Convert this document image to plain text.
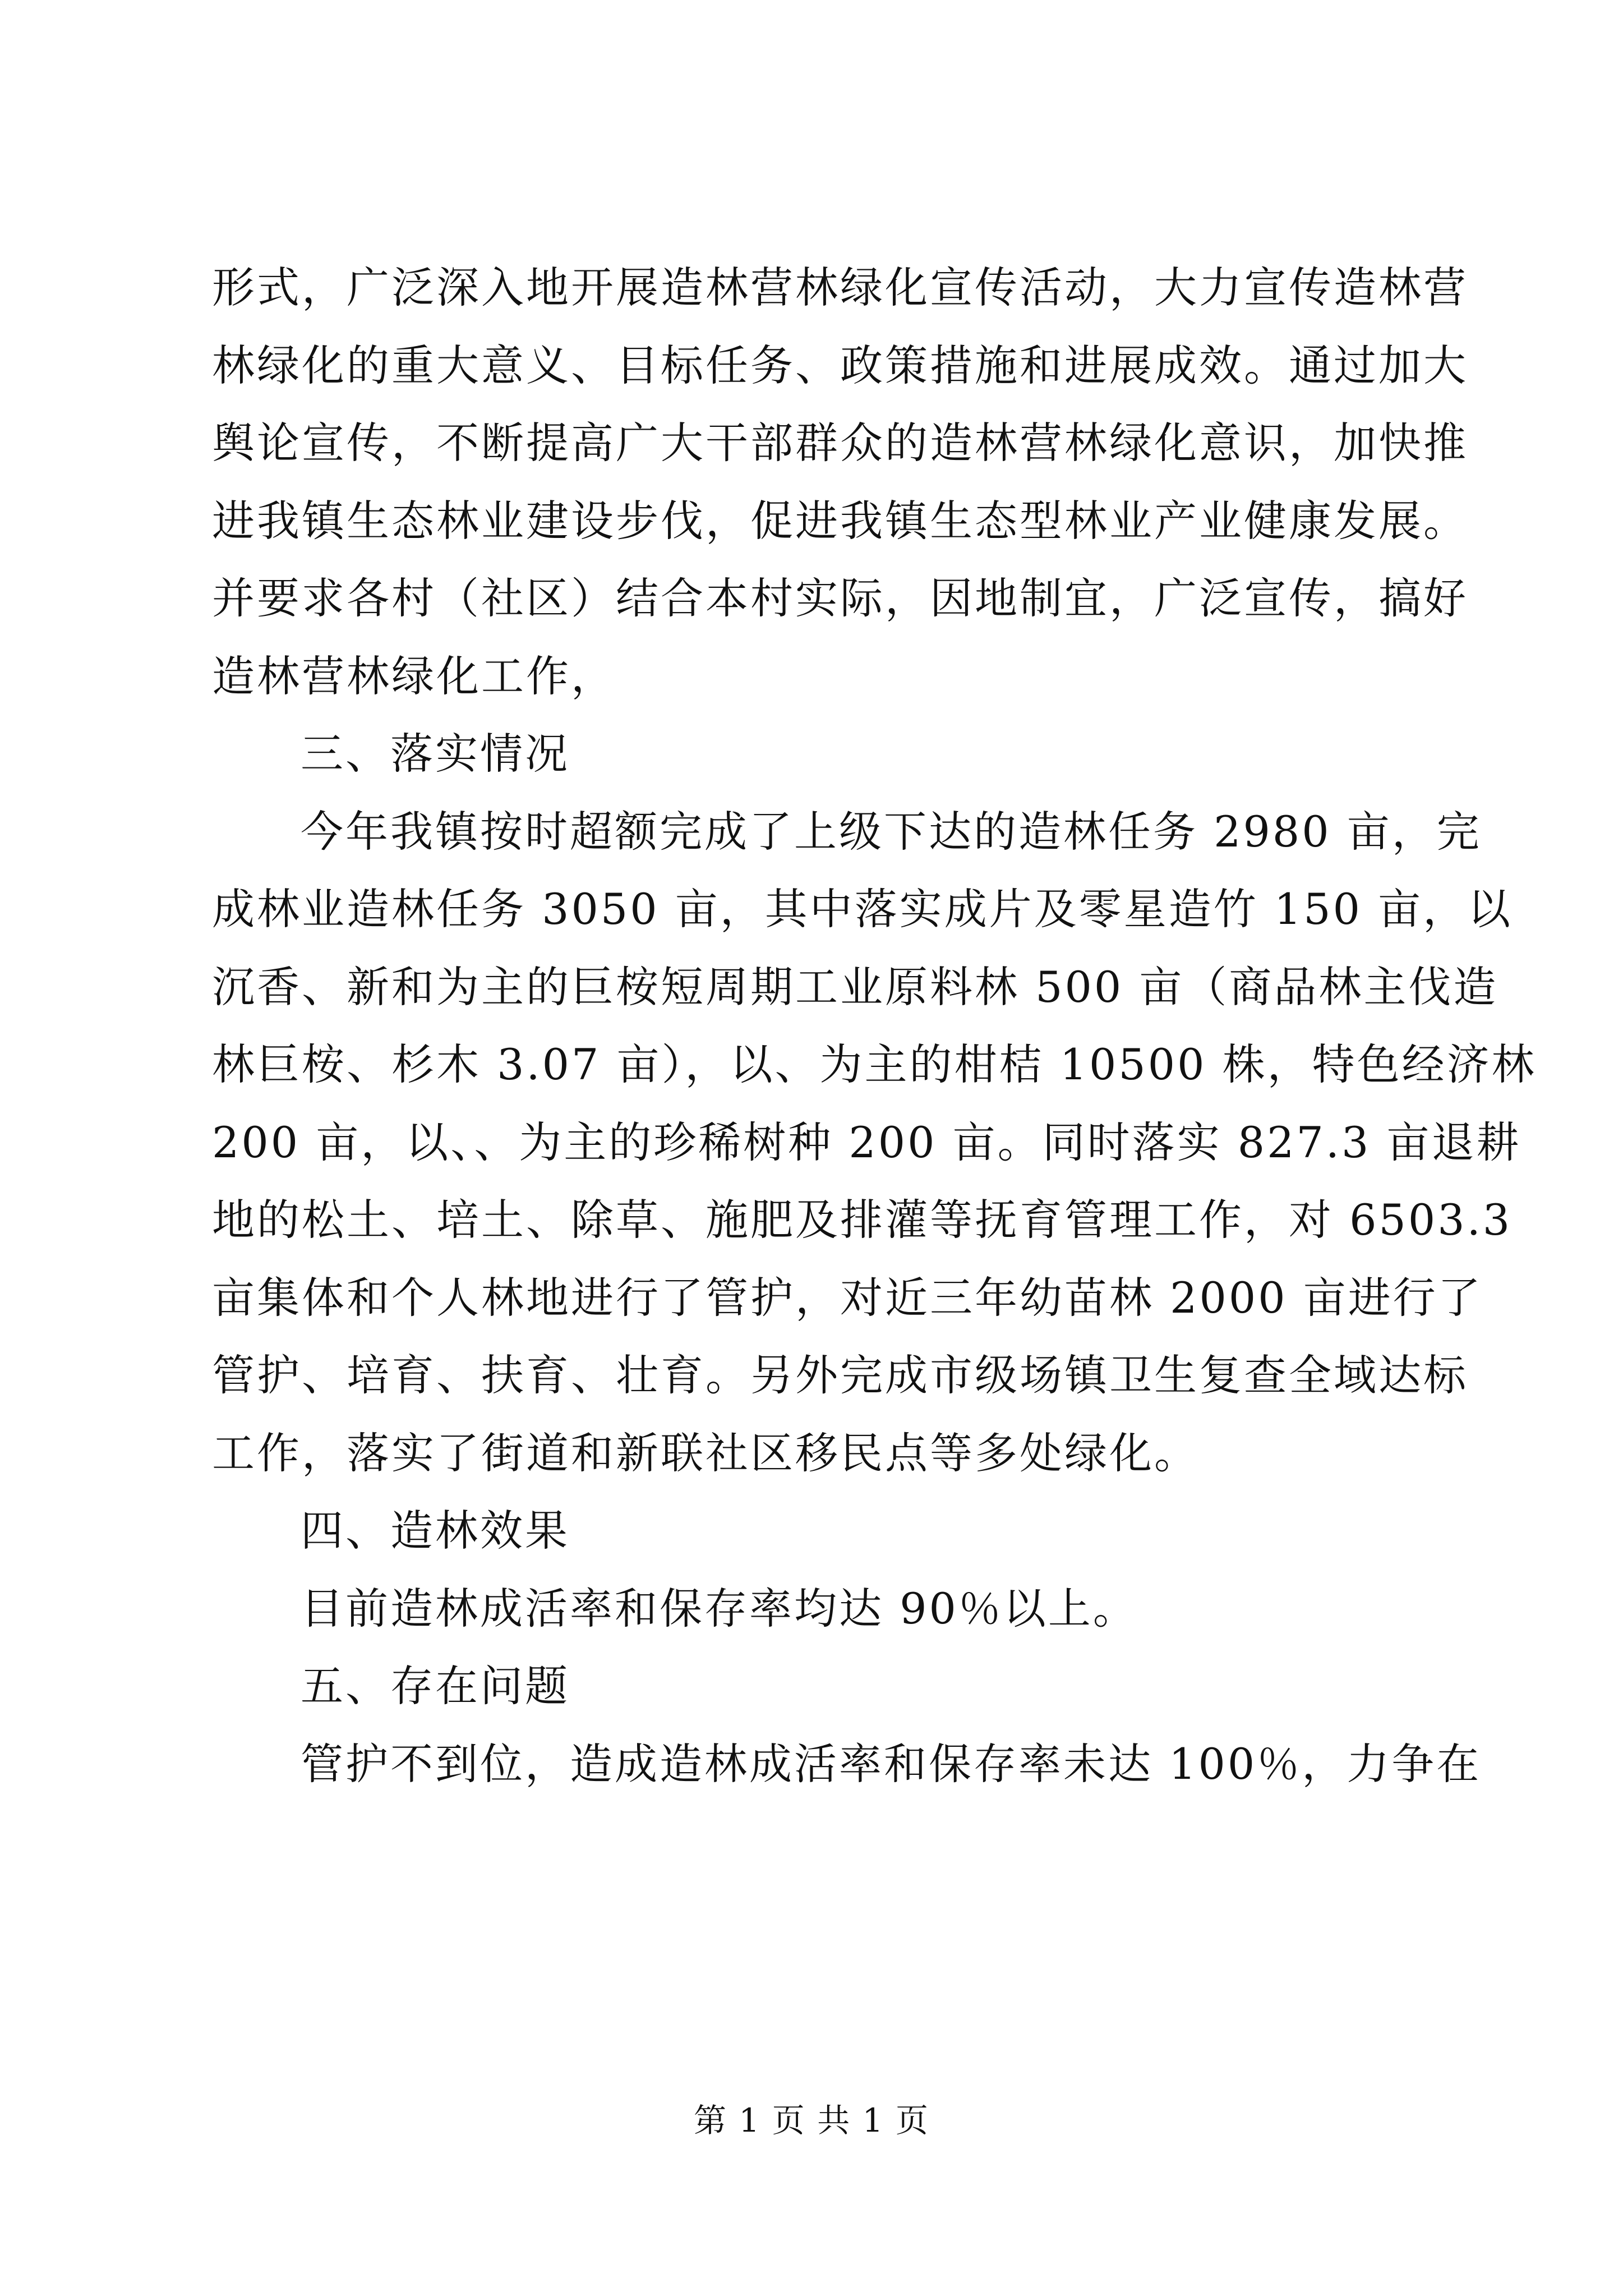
形式，广泛深入地开展造林营林绿化宣传活动，大力宣传造林营
林绿化的重大意义、目标任务、政策措施和进展成效。通过加大
舆论宣传，不断提高广大干部群众的造林营林绿化意识，加快推
进我镇生态林业建设步伐，促进我镇生态型林业产业健康发展。
并要求各村（社区）结合本村实际，因地制宜，广泛宣传，搞好
造林营林绿化工作，
三、落实情况
今年我镇按时超额完成了上级下达的造林任务 2980 亩，完
成林业造林任务 3050 亩，其中落实成片及零星造竹 150 亩，以
沉香、新和为主的巨桉短周期工业原料林 500 亩（商品林主伐造
林巨桉、杉木 3.07 亩），以、为主的柑桔 10500 株，特色经济林
200 亩，以、、为主的珍稀树种 200 亩。同时落实 827.3 亩退耕
地的松土、培土、除草、施肥及排灌等抚育管理工作，对 6503.3
亩集体和个人林地进行了管护，对近三年幼苗林 2000 亩进行了
管护、培育、扶育、壮育。另外完成市级场镇卫生复查全域达标
工作，落实了街道和新联社区移民点等多处绿化。
四、造林效果
目前造林成活率和保存率均达 90％以上。
五、存在问题
管护不到位，造成造林成活率和保存率未达 100％，力争在
第 1 页 共 1 页
